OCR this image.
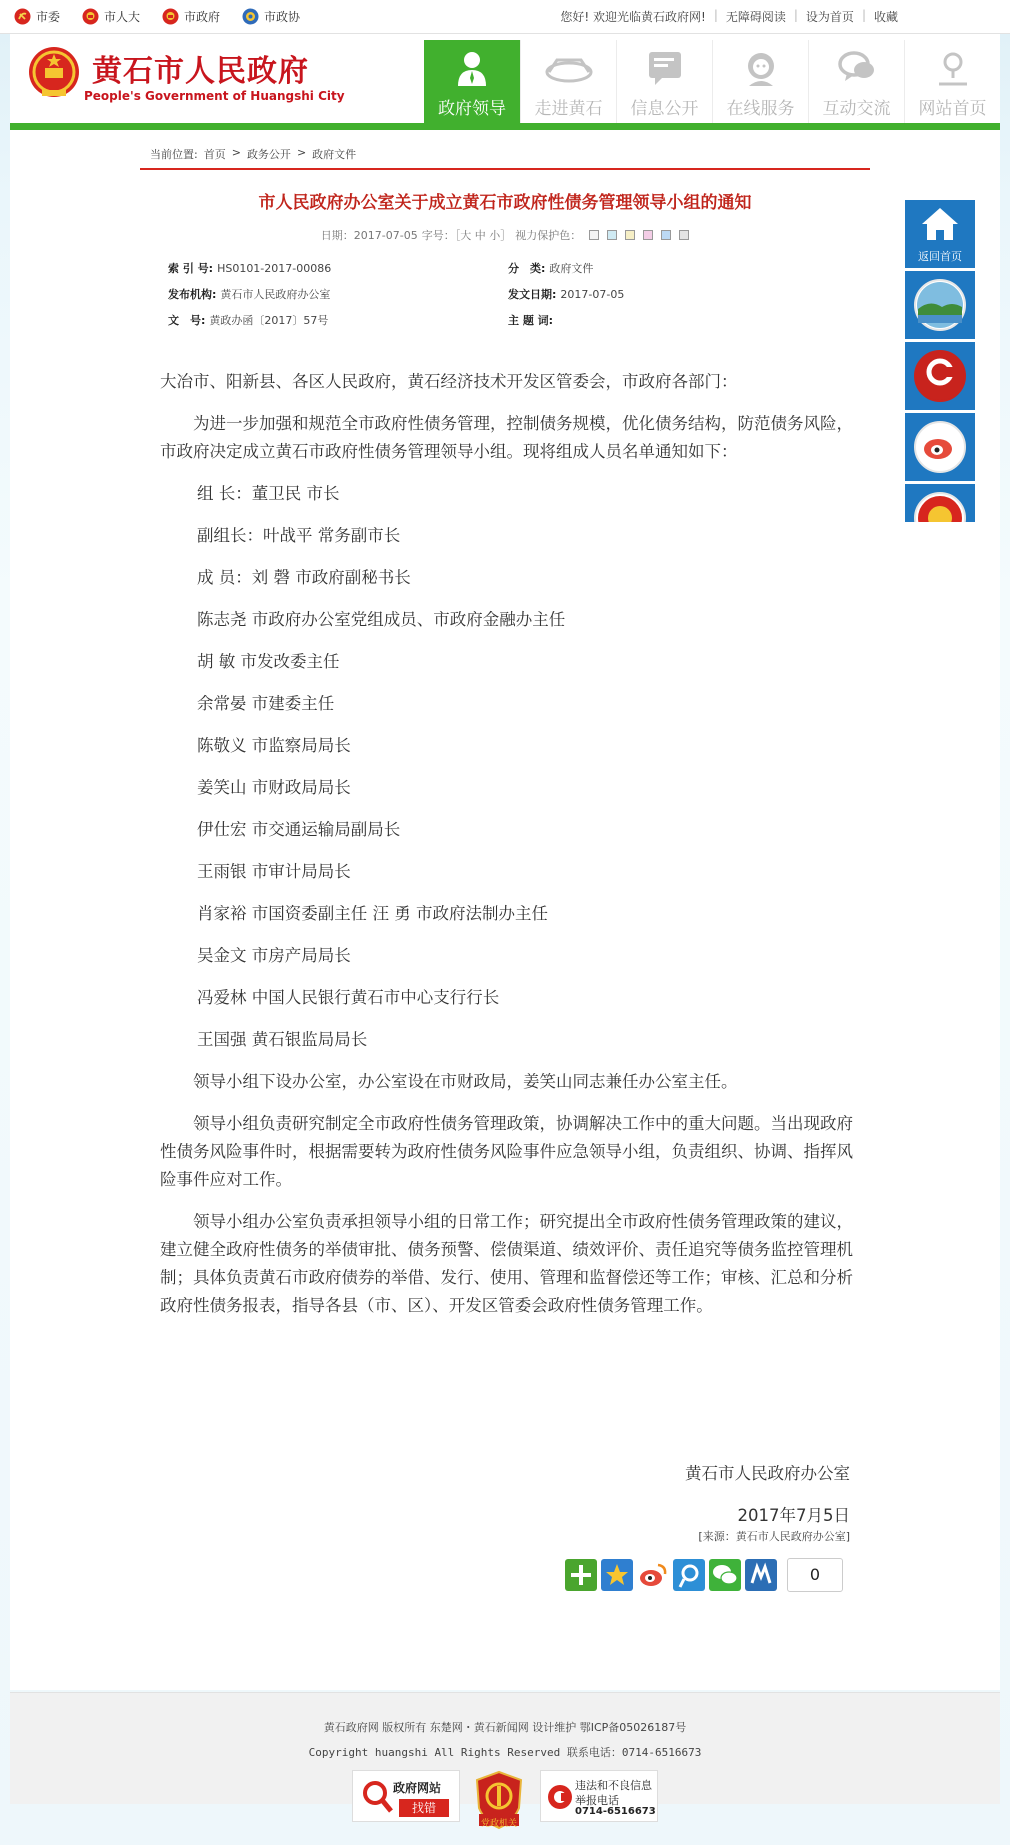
市委	市人大	市政府	市政协	您好! 欢迎光临黄石政府网! | 无障碍阅读 | 设为首页 | 收藏
黄石市人民政府
People's Government of Huangshi City
政府领导	走进黄石	信息公开	在线服务	互动交流	网站首页
当前位置: 首页 > 政务公开 > 政府文件
市人民政府办公室关于成立黄石市政府性债务管理领导小组的通知
日期：2017-07-05 字号：［大 中 小］ 视力保护色：
索 引 号: HS0101-2017-00086	分　类: 政府文件
发布机构: 黄石市人民政府办公室	发文日期: 2017-07-05
文　号: 黄政办函〔2017〕57号	主 题 词:

大冶市、阳新县、各区人民政府，黄石经济技术开发区管委会，市政府各部门：

为进一步加强和规范全市政府性债务管理，控制债务规模，优化债务结构，防范债务风险，市政府决定成立黄石市政府性债务管理领导小组。现将组成人员名单通知如下：

组 长：董卫民 市长

副组长：叶战平 常务副市长

成 员：刘 磬 市政府副秘书长

陈志尧 市政府办公室党组成员、市政府金融办主任

胡 敏 市发改委主任

余常晏 市建委主任

陈敬义 市监察局局长

姜笑山 市财政局局长

伊仕宏 市交通运输局副局长

王雨银 市审计局局长

肖家裕 市国资委副主任 汪 勇 市政府法制办主任

吴金文 市房产局局长

冯爱林 中国人民银行黄石市中心支行行长

王国强 黄石银监局局长

领导小组下设办公室，办公室设在市财政局，姜笑山同志兼任办公室主任。

领导小组负责研究制定全市政府性债务管理政策，协调解决工作中的重大问题。当出现政府性债务风险事件时，根据需要转为政府性债务风险事件应急领导小组，负责组织、协调、指挥风险事件应对工作。

领导小组办公室负责承担领导小组的日常工作；研究提出全市政府性债务管理政策的建议，建立健全政府性债务的举债审批、债务预警、偿债渠道、绩效评价、责任追究等债务监控管理机制；具体负责黄石市政府债券的举借、发行、使用、管理和监督偿还等工作；审核、汇总和分析政府性债务报表，指导各县（市、区）、开发区管委会政府性债务管理工作。

黄石市人民政府办公室
2017年7月5日
[来源：黄石市人民政府办公室]
0
返回首页
黄石政府网 版权所有 东楚网・黄石新闻网 设计维护 鄂ICP备05026187号
Copyright huangshi All Rights Reserved 联系电话：0714-6516673
政府网站
找错
党政机关
违法和不良信息
举报电话
0714-6516673
